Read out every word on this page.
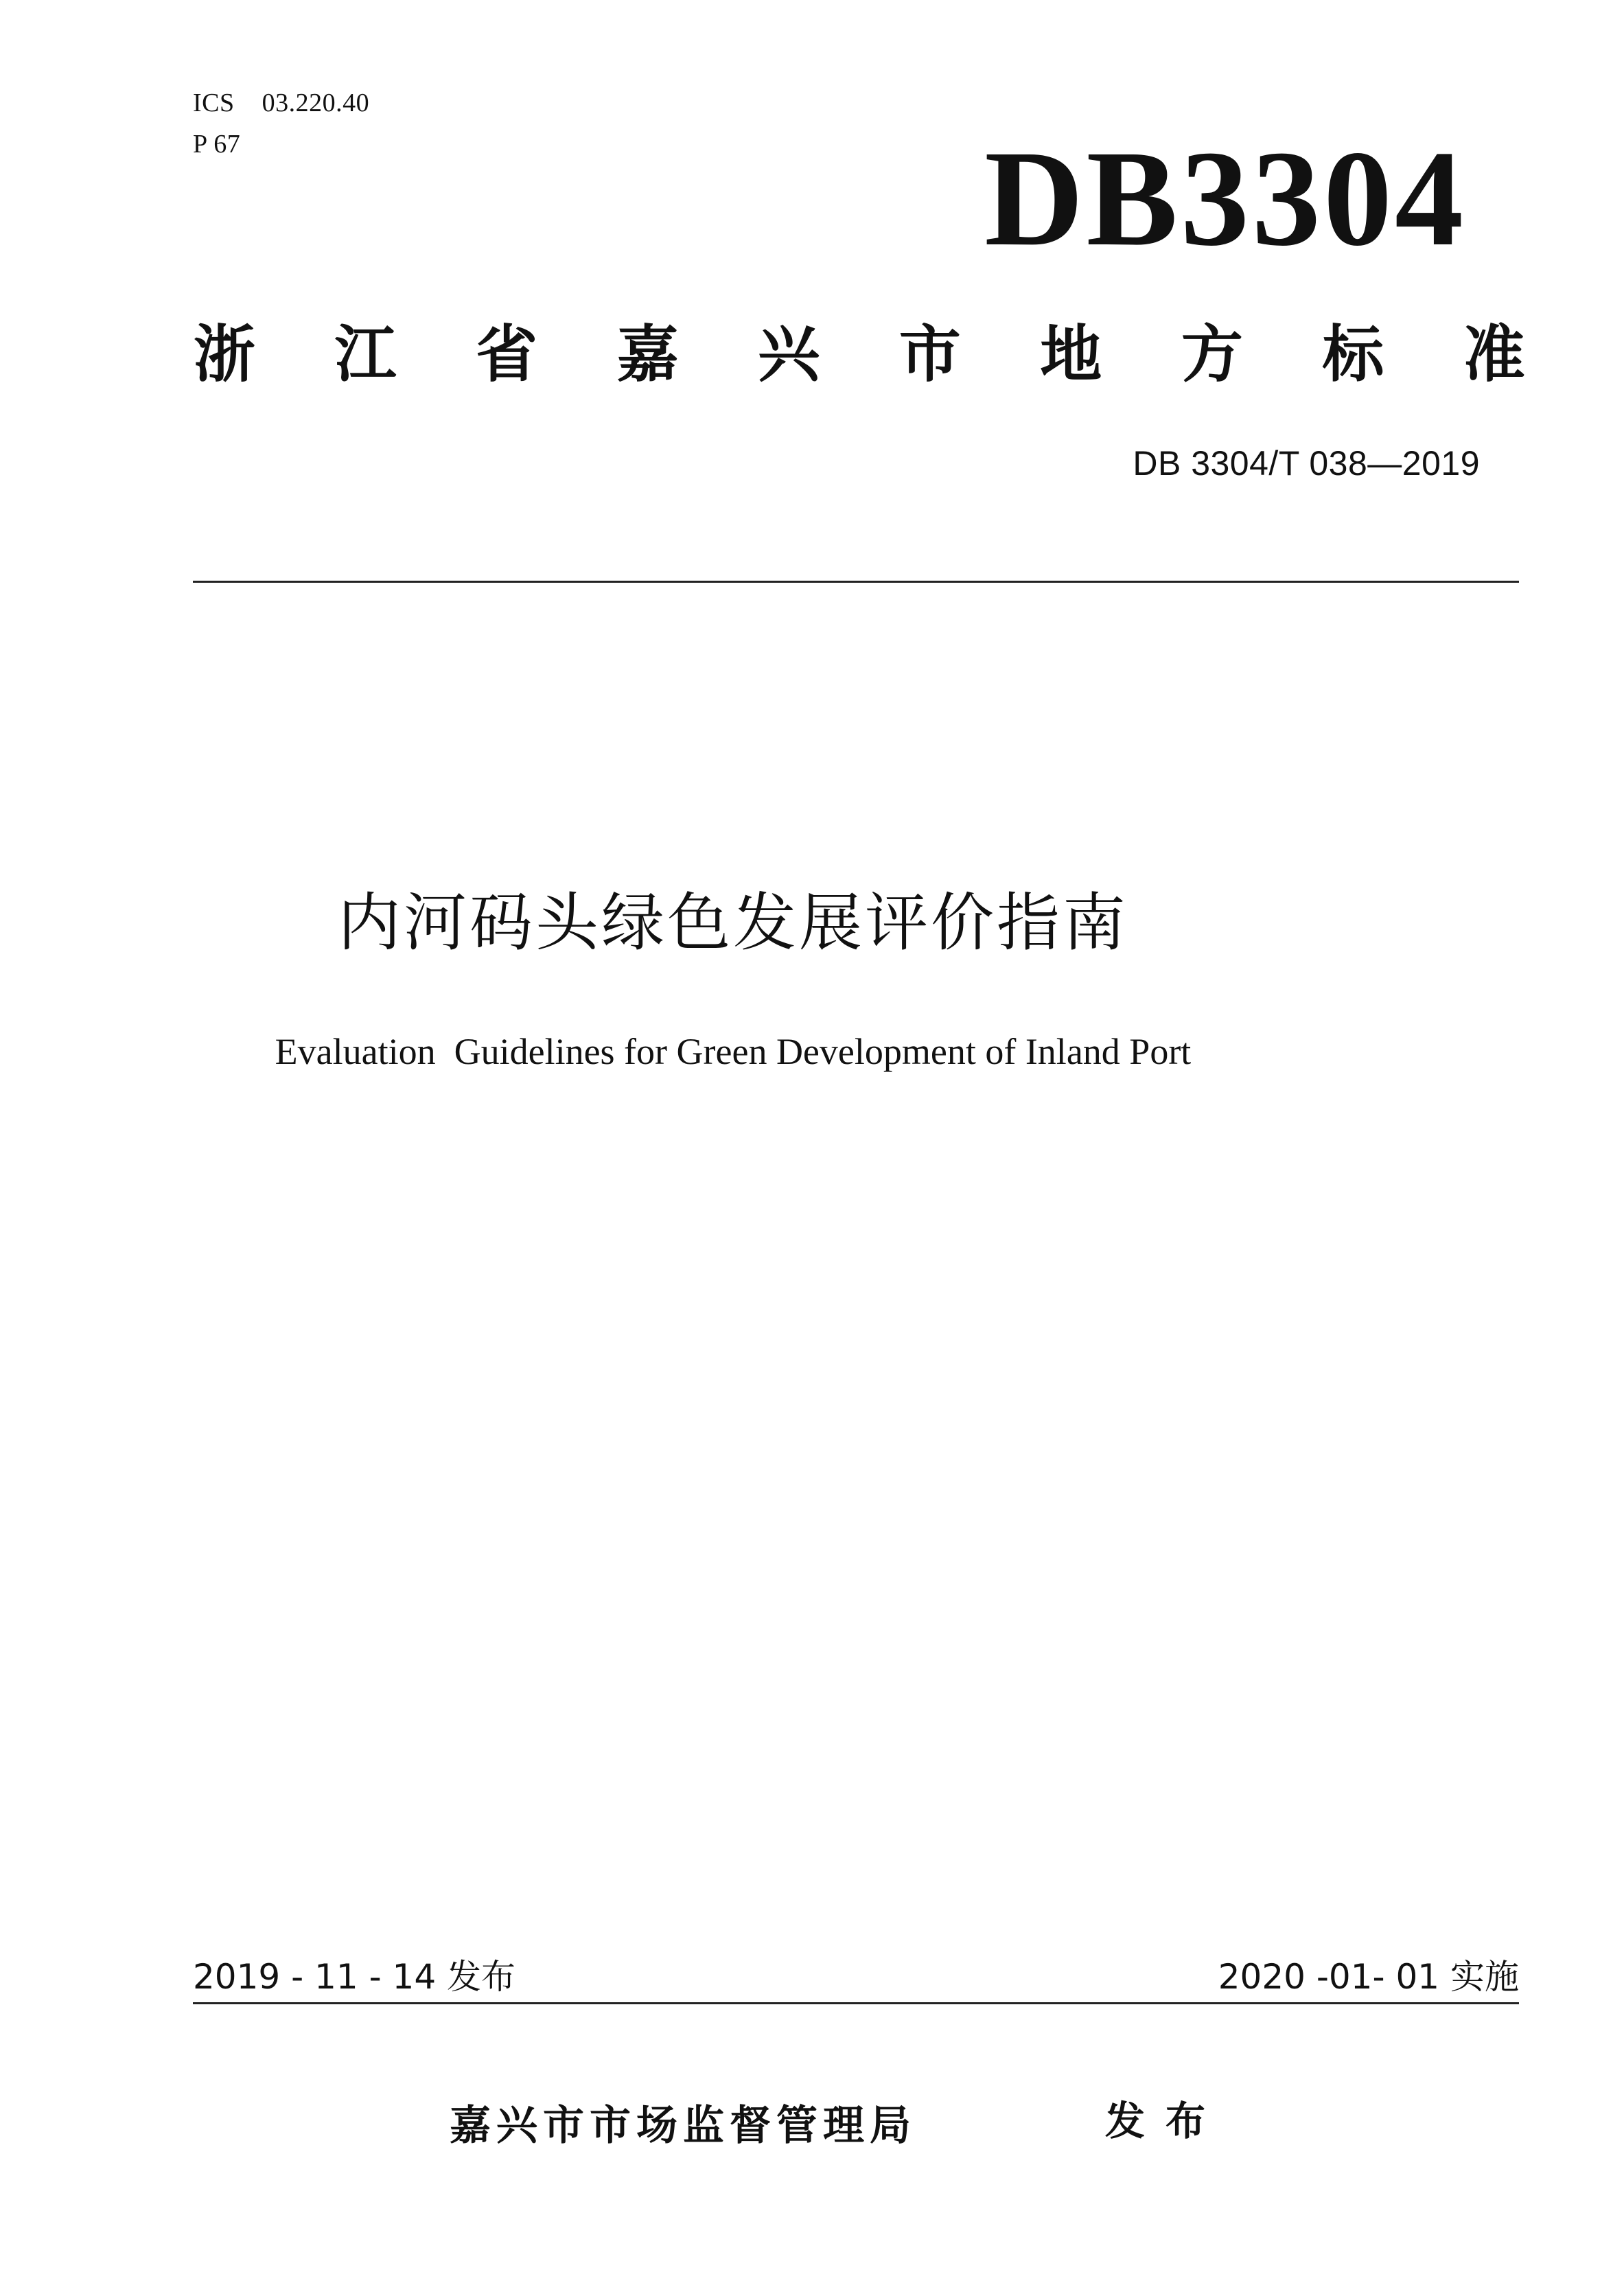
ICS 03.220.40
P 67	DB3304
浙 江 省 嘉 兴 市 地 方 标 准
DB 3304/T 038—2019
内河码头绿色发展评价指南
Evaluation  Guidelines for Green Development of Inland Port
2019 - 11 - 14 发布	2020 -01- 01 实施
嘉兴市市场监督管理局	发布
